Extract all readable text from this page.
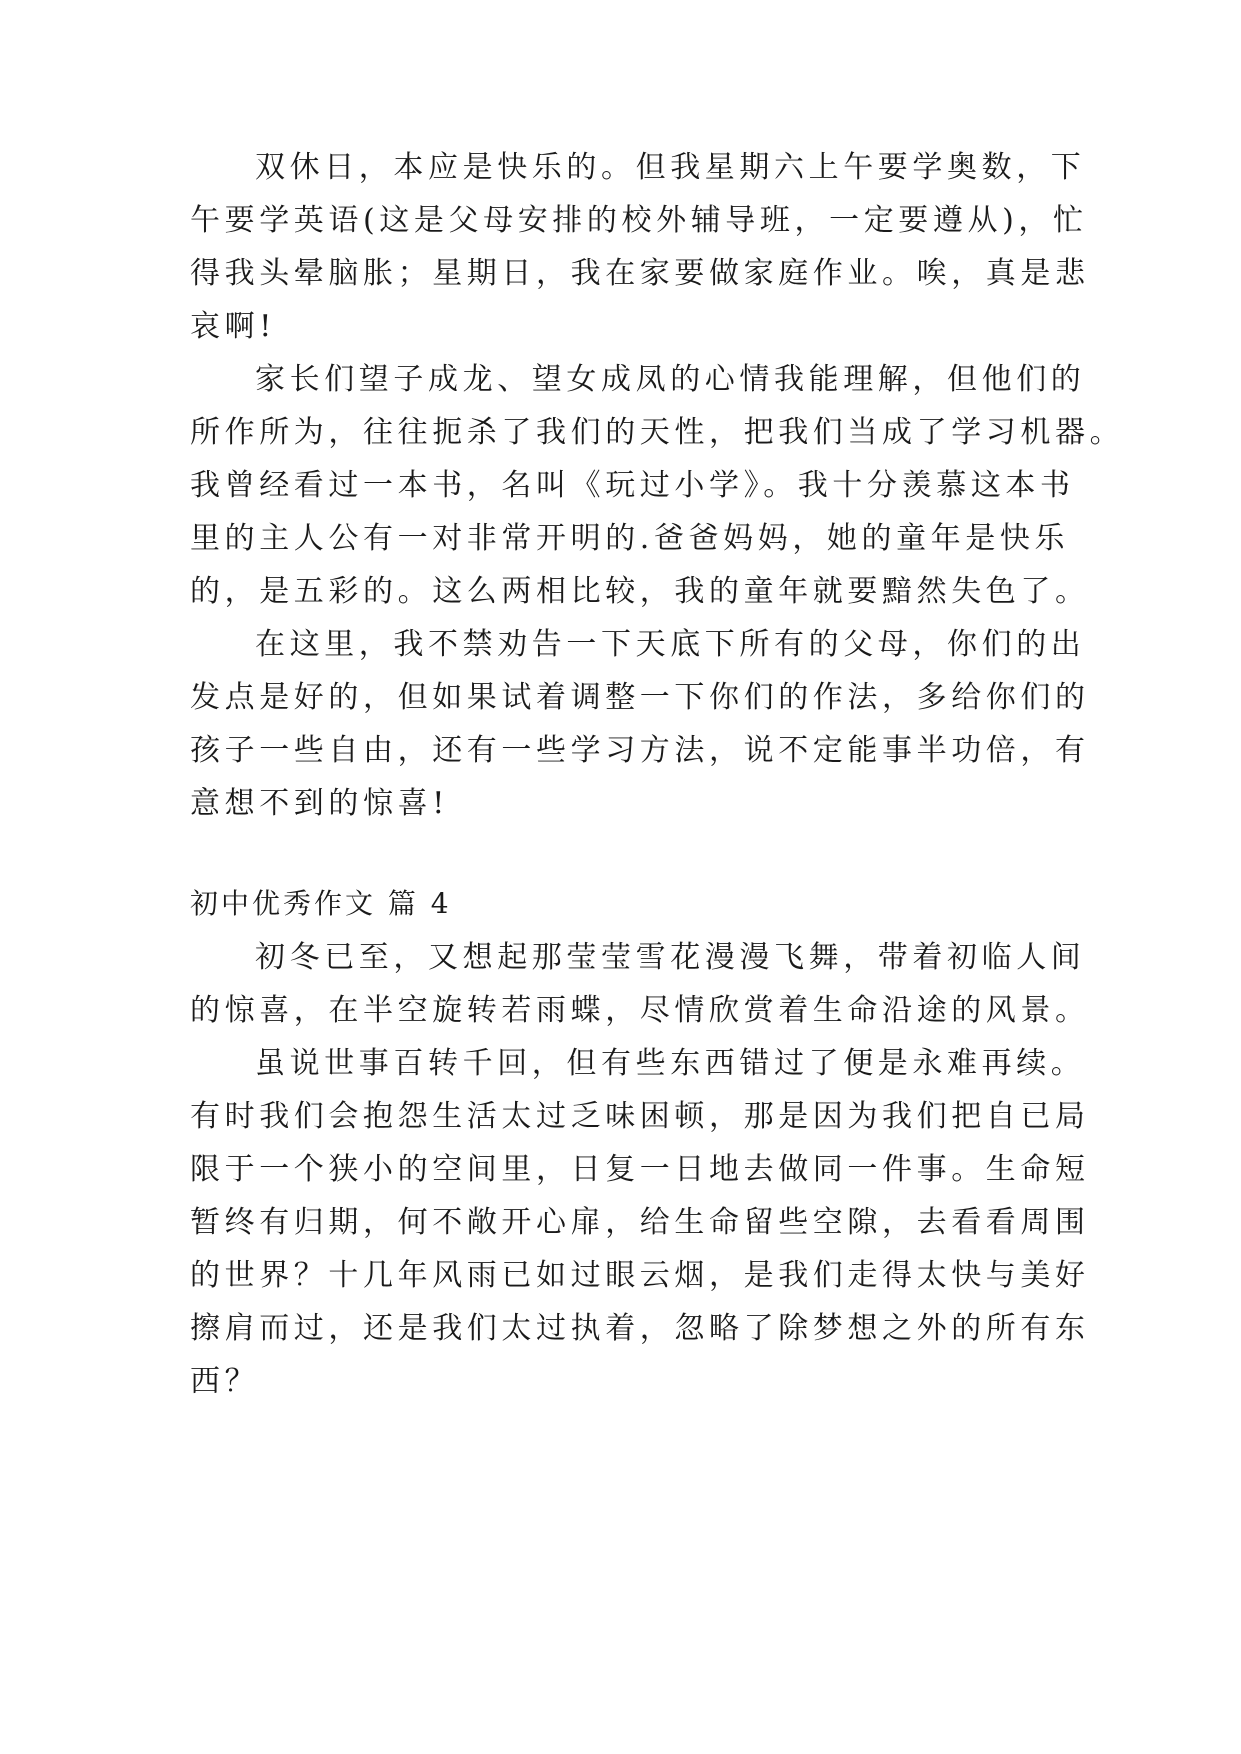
双休日，本应是快乐的。但我星期六上午要学奥数，下
午要学英语(这是父母安排的校外辅导班，一定要遵从)，忙
得我头晕脑胀；星期日，我在家要做家庭作业。唉，真是悲
哀啊!
家长们望子成龙、望女成凤的心情我能理解，但他们的
所作所为，往往扼杀了我们的天性，把我们当成了学习机器。
我曾经看过一本书，名叫《玩过小学》。我十分羡慕这本书
里的主人公有一对非常开明的.爸爸妈妈，她的童年是快乐
的，是五彩的。这么两相比较，我的童年就要黯然失色了。
在这里，我不禁劝告一下天底下所有的父母，你们的出
发点是好的，但如果试着调整一下你们的作法，多给你们的
孩子一些自由，还有一些学习方法，说不定能事半功倍，有
意想不到的惊喜!
初中优秀作文 篇 4
初冬已至，又想起那莹莹雪花漫漫飞舞，带着初临人间
的惊喜，在半空旋转若雨蝶，尽情欣赏着生命沿途的风景。
虽说世事百转千回，但有些东西错过了便是永难再续。
有时我们会抱怨生活太过乏味困顿，那是因为我们把自已局
限于一个狭小的空间里，日复一日地去做同一件事。生命短
暂终有归期，何不敞开心扉，给生命留些空隙，去看看周围
的世界？十几年风雨已如过眼云烟，是我们走得太快与美好
擦肩而过，还是我们太过执着，忽略了除梦想之外的所有东
西？
